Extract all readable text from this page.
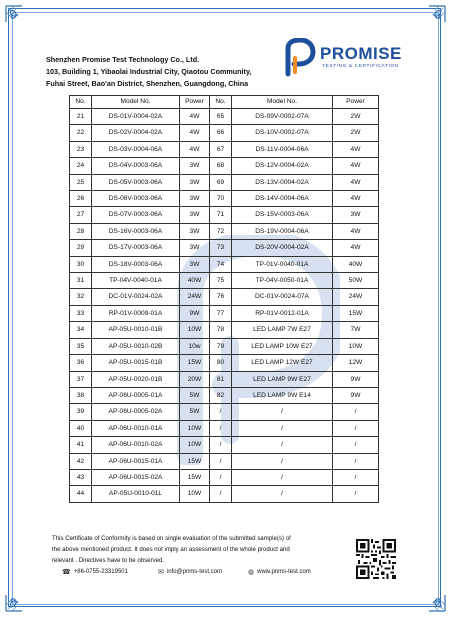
Shenzhen Promise Test Technology Co., Ltd.
103, Building 1, Yibaolai Industrial City, Qiaotou Community,
Fuhai Street, Bao'an District, Shenzhen, Guangdong, China
PROMISE
TESTING & CERTIFICATION
No.	Model No.	Power	No.	Model No.	Power
21	DS-01V-0004-02A	4W	65	DS-09V-0002-07A	2W
22	DS-02V-0004-02A	4W	66	DS-10V-0002-07A	2W
23	DS-03V-0004-06A	4W	67	DS-11V-0004-06A	4W
24	DS-04V-0003-06A	3W	68	DS-12V-0004-02A	4W
25	DS-05V-0003-06A	3W	69	DS-13V-0004-02A	4W
26	DS-06V-0003-06A	3W	70	DS-14V-0004-06A	4W
27	DS-07V-0003-06A	3W	71	DS-15V-0003-06A	3W
28	DS-16V-0003-06A	3W	72	DS-19V-0004-06A	4W
29	DS-17V-0003-06A	3W	73	DS-20V-0004-02A	4W
30	DS-18V-0003-06A	3W	74	TP-01V-0040-01A	40W
31	TP-04V-0040-01A	40W	75	TP-04V-0050-01A	50W
32	DC-01V-0024-02A	24W	76	DC-01V-0024-07A	24W
33	RP-01V-0009-01A	9W	77	RP-01V-0012-01A	15W
34	AP-05U-0010-01B	10W	78	LED LAMP 7W E27	7W
35	AP-05U-0010-02B	10w	79	LED LAMP 10W E27	10W
36	AP-05U-0015-01B	15W	80	LED LAMP 12W E27	12W
37	AP-05U-0020-01B	20W	81	LED LAMP 9W E27	9W
38	AP-06U-0005-01A	5W	82	LED LAMP 9W E14	9W
39	AP-06U-0005-02A	5W	/	/	/
40	AP-06U-0010-01A	10W	/	/	/
41	AP-06U-0010-02A	10W	/	/	/
42	AP-06U-0015-01A	15W	/	/	/
43	AP-06U-0015-02A	15W	/	/	/
44	AP-05U-0010-01L	10W	/	/	/
This Certificate of Conformity is based on single evaluation of the submitted sample(s) of
the above mentioned product. It does not imply an assessment of the whole product and
relevant . Directives have to be observed.
☎ +86-0755-23319501	✉ info@pnms-test.com	◍ www.pnms-test.com
